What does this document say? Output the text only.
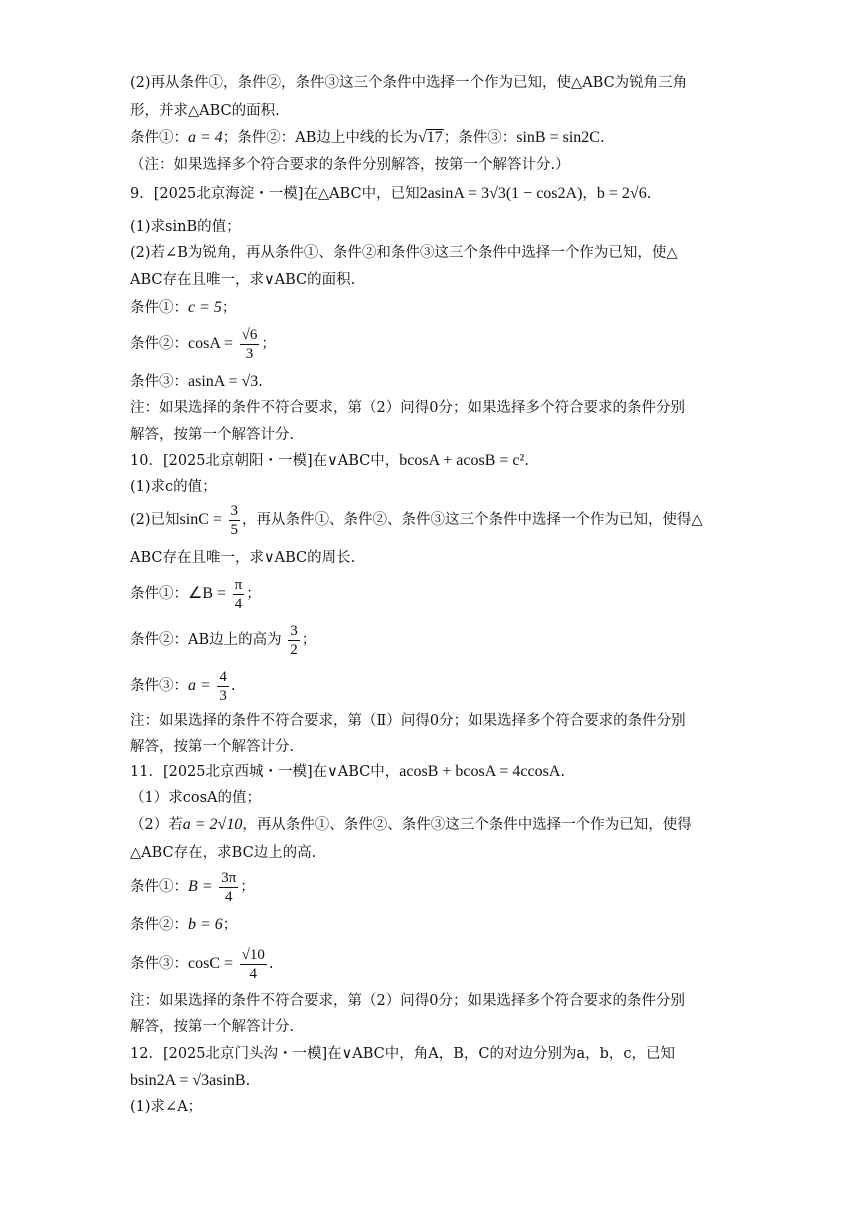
(2)再从条件①，条件②，条件③这三个条件中选择一个作为已知，使△ABC为锐角三角
形，并求△ABC的面积.
条件①：a = 4；条件②：AB边上中线的长为√17；条件③：sinB = sin2C.
（注：如果选择多个符合要求的条件分别解答，按第一个解答计分.）
9．[2025北京海淀・一模]在△ABC中，已知2asinA = 3√3(1 − cos2A)，b = 2√6.
(1)求sinB的值；
(2)若∠B为锐角，再从条件①、条件②和条件③这三个条件中选择一个作为已知，使△
ABC存在且唯一，求∨ABC的面积.
条件①：c = 5；
条件②：$\cos A = \frac{√6}{3}$ ；
条件③：asinA = √3.
注：如果选择的条件不符合要求，第（2）问得0分；如果选择多个符合要求的条件分别
解答，按第一个解答计分.
10．[2025北京朝阳・一模]在∨ABC中，bcosA + acosB = c².
(1)求c的值；
(2)已知$\sin C = \frac{3}{5}$ ，再从条件①、条件②、条件③这三个条件中选择一个作为已知，使得△
ABC存在且唯一，求∨ABC的周长.
条件①：∠B = $\frac{\pi}{4}$ ；
条件②：AB边上的高为 $\frac{3}{2}$ ；
条件③：$a = \frac{4}{3}$ .
注：如果选择的条件不符合要求，第（Ⅱ）问得0分；如果选择多个符合要求的条件分别
解答，按第一个解答计分.
11．[2025北京西城・一模]在∨ABC中，acosB + bcosA = 4ccosA.
（1）求cosA的值；
（2）若a = 2√10，再从条件①、条件②、条件③这三个条件中选择一个作为已知，使得
△ABC存在，求BC边上的高.
条件①：$B = \frac{3\pi}{4}$ ；
条件②：b = 6；
条件③：$\cos C = \frac{√10}{4}$ .
注：如果选择的条件不符合要求，第（2）问得0分；如果选择多个符合要求的条件分别
解答，按第一个解答计分.
12．[2025北京门头沟・一模]在∨ABC中，角A，B，C的对边分别为a，b，c，已知
bsin2A = √3asinB.
(1)求∠A；
